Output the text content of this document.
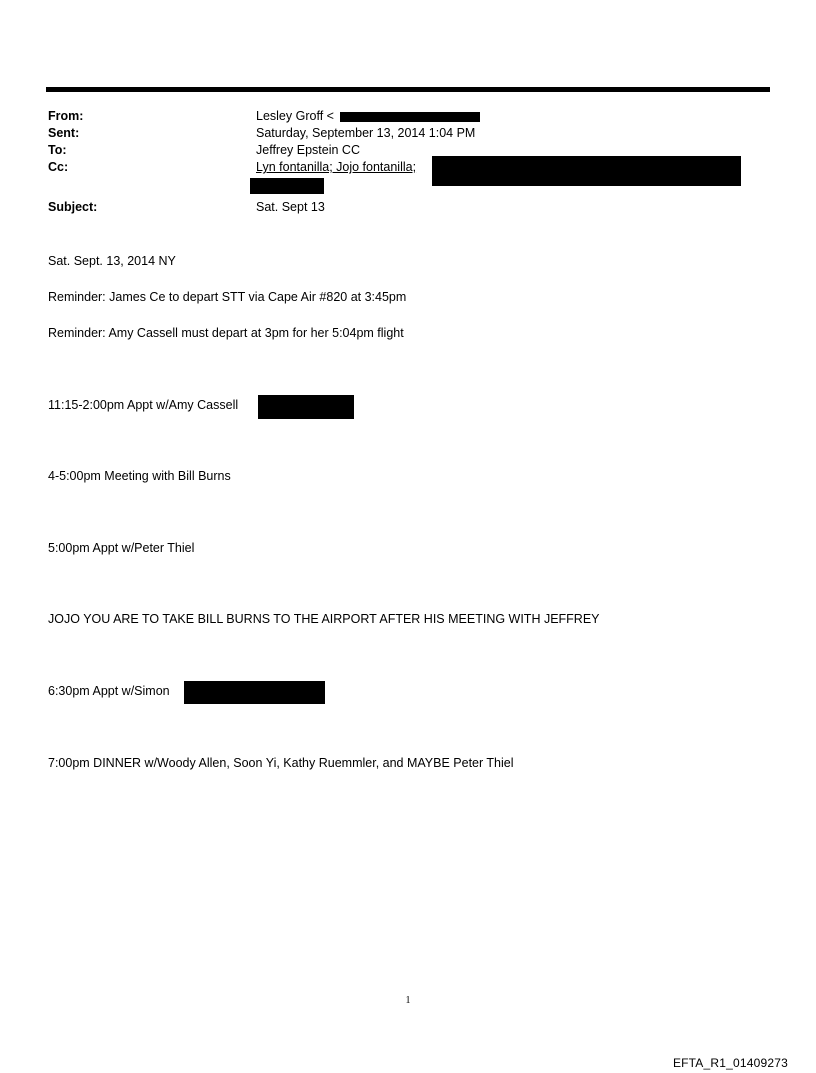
From:
Sent:
To:
Cc:
Subject:
Lesley Groff <
Saturday, September 13, 2014 1:04 PM
Jeffrey Epstein CC
Lyn fontanilla; Jojo fontanilla;
Sat. Sept 13
Sat. Sept. 13, 2014 NY
Reminder: James Ce to depart STT via Cape Air #820 at 3:45pm
Reminder: Amy Cassell must depart at 3pm for her 5:04pm flight
11:15-2:00pm Appt w/Amy Cassell
4-5:00pm Meeting with Bill Burns
5:00pm Appt w/Peter Thiel
JOJO YOU ARE TO TAKE BILL BURNS TO THE AIRPORT AFTER HIS MEETING WITH JEFFREY
6:30pm Appt w/Simon
7:00pm DINNER w/Woody Allen, Soon Yi, Kathy Ruemmler, and MAYBE Peter Thiel
1
EFTA_R1_01409273
